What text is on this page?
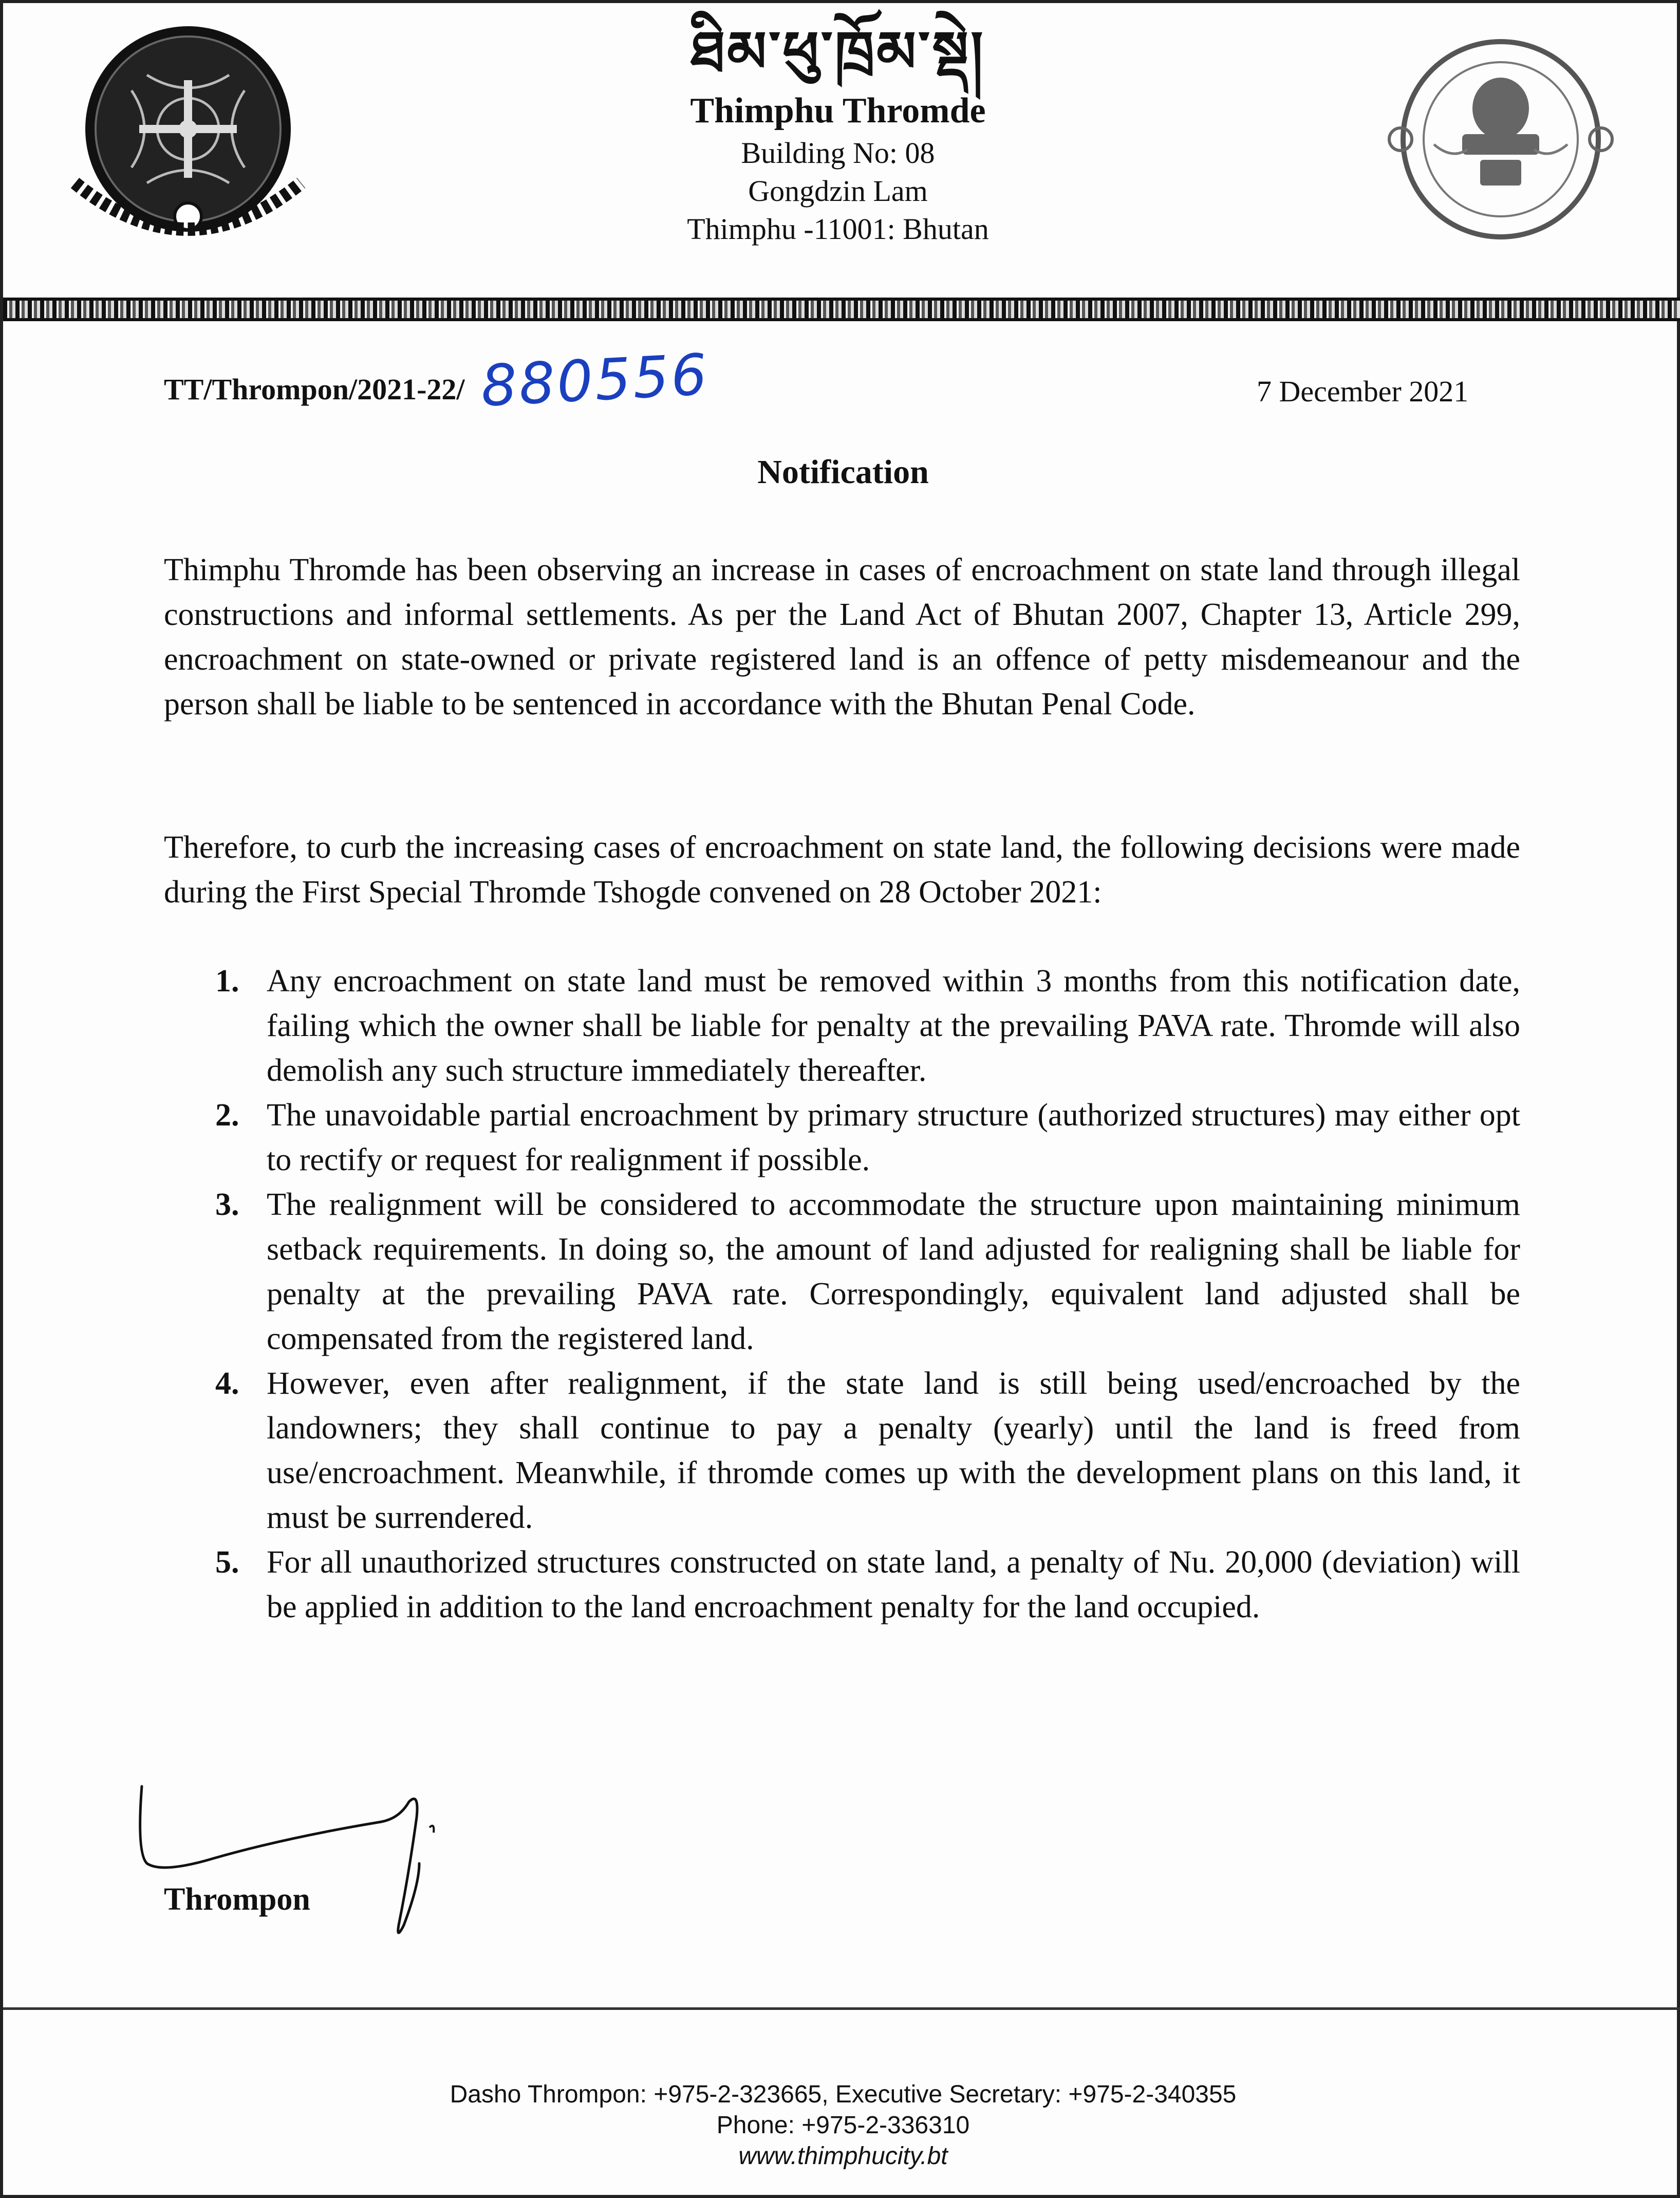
ཐིམ་ཕུ་ཁྲོམ་སྡེ།
Thimphu Thromde
Building No: 08
Gongdzin Lam
Thimphu -11001: Bhutan
TT/Thrompon/2021-22/ 880556	7 December 2021
Notification
Thimphu Thromde has been observing an increase in cases of encroachment on state land through illegal constructions and informal settlements. As per the Land Act of Bhutan 2007, Chapter 13, Article 299, encroachment on state-owned or private registered land is an offence of petty misdemeanour and the person shall be liable to be sentenced in accordance with the Bhutan Penal Code.
Therefore, to curb the increasing cases of encroachment on state land, the following decisions were made during the First Special Thromde Tshogde convened on 28 October 2021:
1. Any encroachment on state land must be removed within 3 months from this notification date, failing which the owner shall be liable for penalty at the prevailing PAVA rate. Thromde will also demolish any such structure immediately thereafter.
2. The unavoidable partial encroachment by primary structure (authorized structures) may either opt to rectify or request for realignment if possible.
3. The realignment will be considered to accommodate the structure upon maintaining minimum setback requirements. In doing so, the amount of land adjusted for realigning shall be liable for penalty at the prevailing PAVA rate. Correspondingly, equivalent land adjusted shall be compensated from the registered land.
4. However, even after realignment, if the state land is still being used/encroached by the landowners; they shall continue to pay a penalty (yearly) until the land is freed from use/encroachment. Meanwhile, if thromde comes up with the development plans on this land, it must be surrendered.
5. For all unauthorized structures constructed on state land, a penalty of Nu. 20,000 (deviation) will be applied in addition to the land encroachment penalty for the land occupied.
Thrompon
Dasho Thrompon: +975-2-323665, Executive Secretary: +975-2-340355
Phone: +975-2-336310
www.thimphucity.bt
